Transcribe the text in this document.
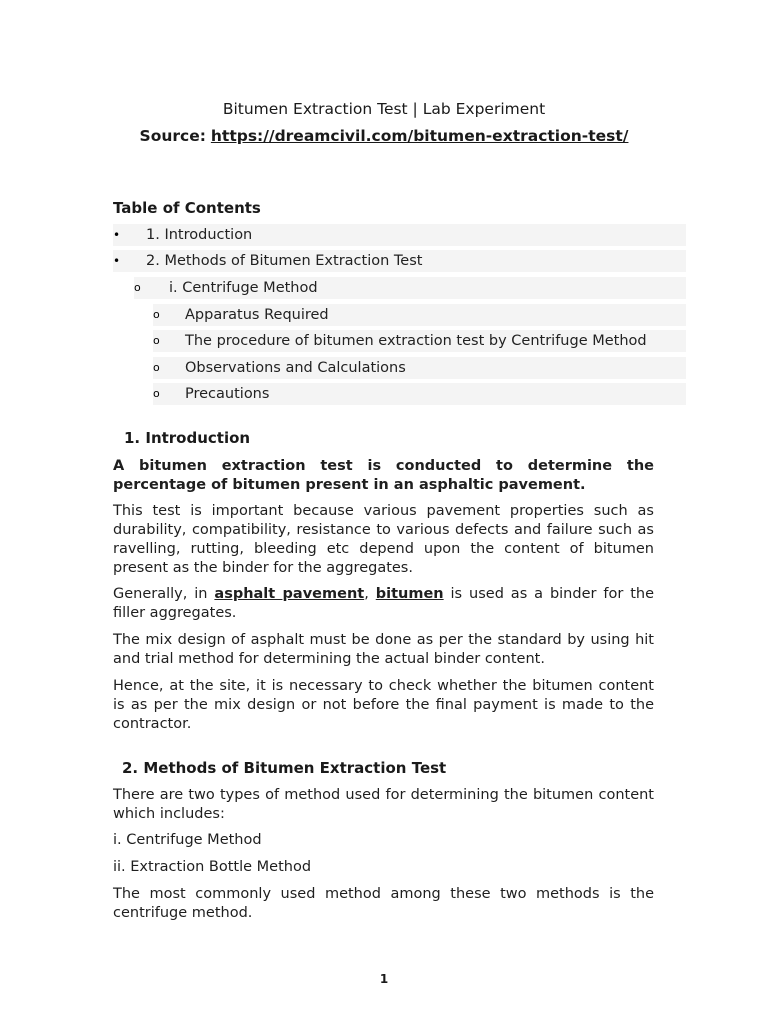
Bitumen Extraction Test | Lab Experiment

Source: https://dreamcivil.com/bitumen-extraction-test/

Table of Contents
• 1. Introduction
• 2. Methods of Bitumen Extraction Test
o i. Centrifuge Method
o Apparatus Required
o The procedure of bitumen extraction test by Centrifuge Method
o Observations and Calculations
o Precautions
1. Introduction

A bitumen extraction test is conducted to determine the percentage of bitumen present in an asphaltic pavement.

This test is important because various pavement properties such as durability, compatibility, resistance to various defects and failure such as ravelling, rutting, bleeding etc depend upon the content of bitumen present as the binder for the aggregates.

Generally, in asphalt pavement, bitumen is used as a binder for the filler aggregates.

The mix design of asphalt must be done as per the standard by using hit and trial method for determining the actual binder content.

Hence, at the site, it is necessary to check whether the bitumen content is as per the mix design or not before the final payment is made to the contractor.

2. Methods of Bitumen Extraction Test

There are two types of method used for determining the bitumen content which includes:

i. Centrifuge Method

ii. Extraction Bottle Method

The most commonly used method among these two methods is the centrifuge method.

1
